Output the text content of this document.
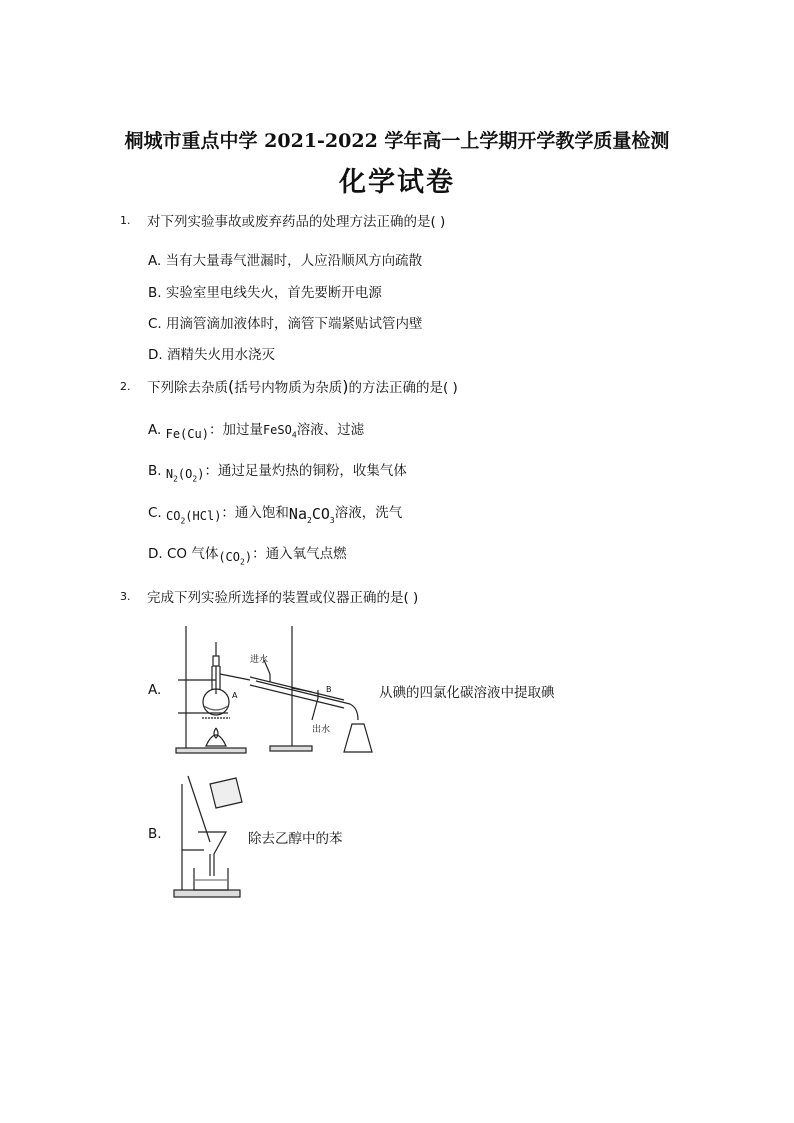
桐城市重点中学 2021-2022 学年高一上学期开学教学质量检测
化学试卷
1. 对下列实验事故或废弃药品的处理方法正确的是( )
A. 当有大量毒气泄漏时，人应沿顺风方向疏散
B. 实验室里电线失火，首先要断开电源
C. 用滴管滴加液体时，滴管下端紧贴试管内壁
D. 酒精失火用水浇灭
2. 下列除去杂质(括号内物质为杂质)的方法正确的是( )
A. Fe(Cu)：加过量FeSO$_4$溶液、过滤
B. $N_2(O_2)$：通过足量灼热的铜粉，收集气体
C. $CO_2(HCl)$：通入饱和$Na_2CO_3$溶液，洗气
D. CO 气体$(CO_2)$：通入氧气点燃
3. 完成下列实验所选择的装置或仪器正确的是( )
A.
进水
出水
A
B	从碘的四氯化碳溶液中提取碘
B.	除去乙醇中的苯
